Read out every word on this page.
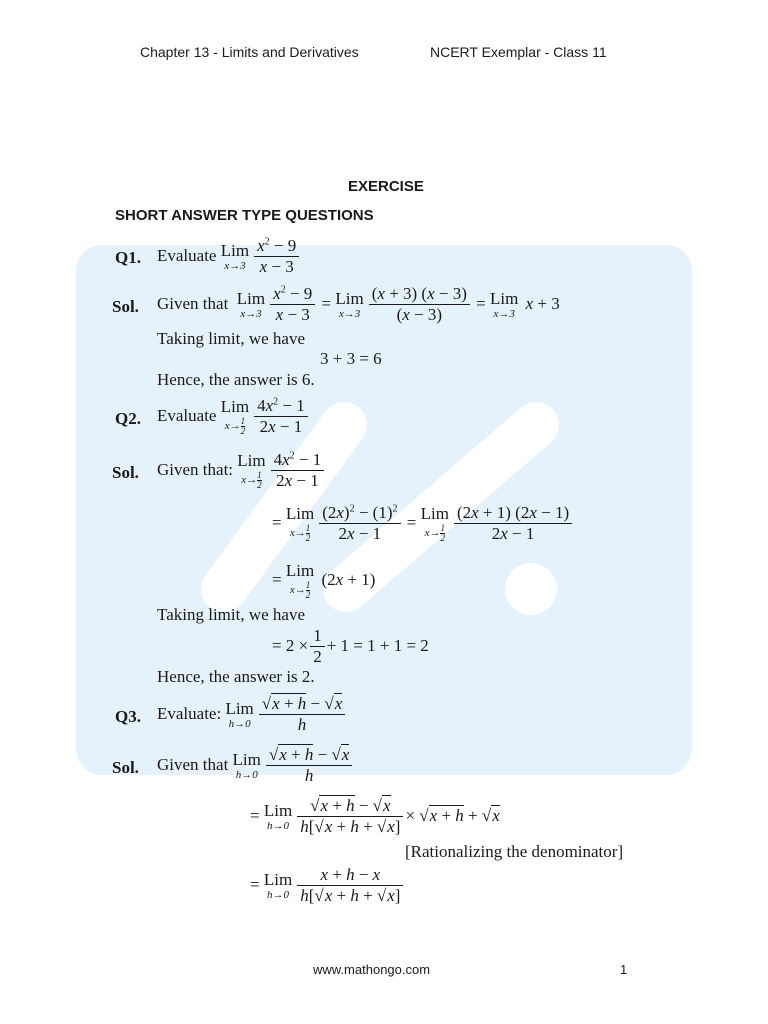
Chapter 13 - Limits and Derivatives	NCERT Exemplar - Class 11
EXERCISE
SHORT ANSWER TYPE QUESTIONS
Q1. Evaluate Lim
$x\to 3 \frac{x^2 - 9}{x - 3}$
Sol. Given that Lim
$x\to 3 \frac{x^2 - 9}{x - 3}$ = Lim
$x\to 3 \frac{(x + 3) (x - 3)}{(x - 3)}$ = Lim
x→3
x + 3
Taking limit, we have
3 + 3 = 6
Hence, the answer is 6.
Q2. Evaluate Lim
$x\to \frac{1}{2} \frac{4x^2 - 1}{2x - 1}$
Sol. Given that: Lim
$x\to \frac{1}{2} \frac{4x^2 - 1}{2x - 1}$
= Lim
$x\to \frac{1}{2} \frac{(2x)^2 - (1)^2}{2x - 1}$ = Lim
$x\to \frac{1}{2} \frac{(2x + 1) (2x - 1)}{2x - 1}$
= Lim
$x\to \frac{1}{2}$
(2x + 1)
Taking limit, we have
= $2 \times \frac{1}{2} + 1 = 1 + 1 = 2$
Hence, the answer is 2.
Q3. Evaluate: Lim
$h\to 0 \frac{√x + h - √x}{h}$
Sol. Given that Lim
$h\to 0 \frac{√x + h - √x}{h}$
= Lim
$h\to 0 \frac{√x + h - √x}{h[√x + h + √x]} \times √x + h + √x$
[Rationalizing the denominator]
= Lim
$h\to 0 \frac{x + h - x}{h[√x + h + √x]}$
www.mathongo.com	1
